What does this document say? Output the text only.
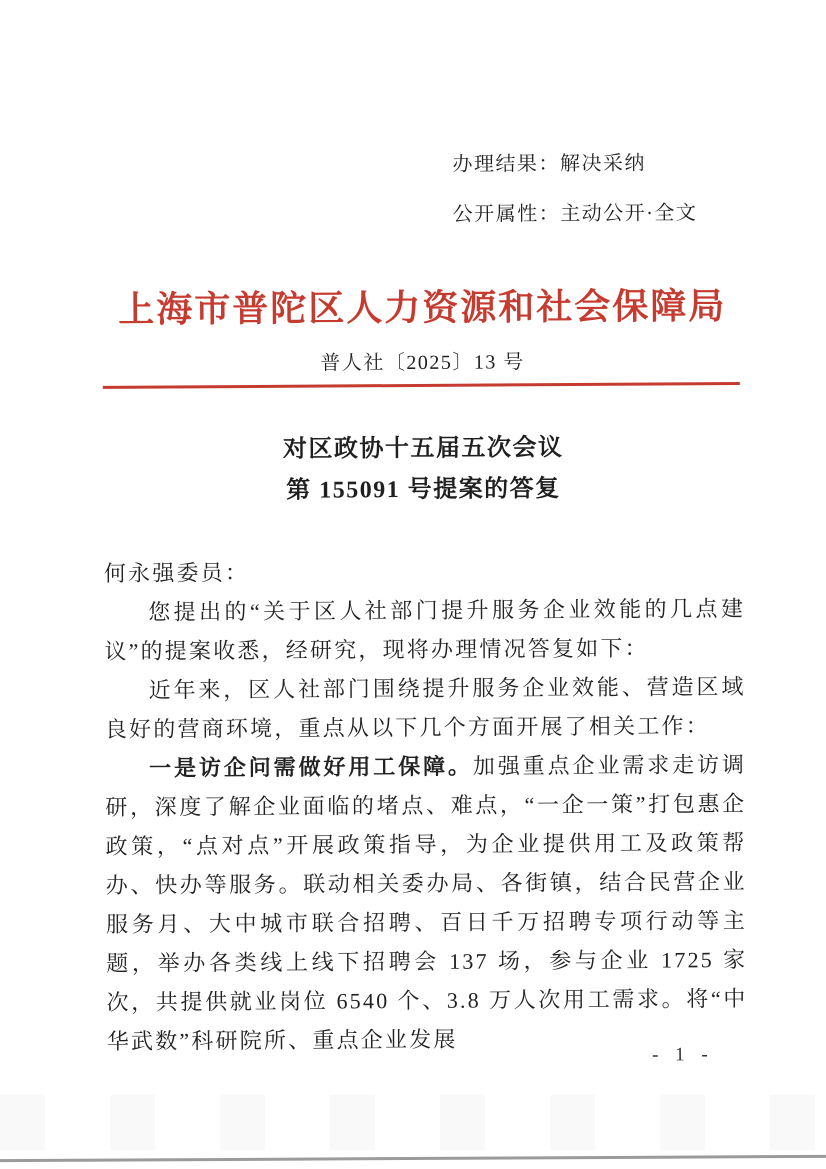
办理结果：解决采纳
公开属性：主动公开·全文
上海市普陀区人力资源和社会保障局
普人社〔2025〕13 号
对区政协十五届五次会议
第 155091 号提案的答复

何永强委员：

您提出的“关于区人社部门提升服务企业效能的几点建议”的提案收悉，经研究，现将办理情况答复如下：

近年来，区人社部门围绕提升服务企业效能、营造区域良好的营商环境，重点从以下几个方面开展了相关工作：

一是访企问需做好用工保障。加强重点企业需求走访调研，深度了解企业面临的堵点、难点，“一企一策”打包惠企政策，“点对点”开展政策指导，为企业提供用工及政策帮办、快办等服务。联动相关委办局、各街镇，结合民营企业服务月、大中城市联合招聘、百日千万招聘专项行动等主题，举办各类线上线下招聘会 137 场，参与企业 1725 家次，共提供就业岗位 6540 个、3.8 万人次用工需求。将“中华武数”科研院所、重点企业发展

- 1 -
